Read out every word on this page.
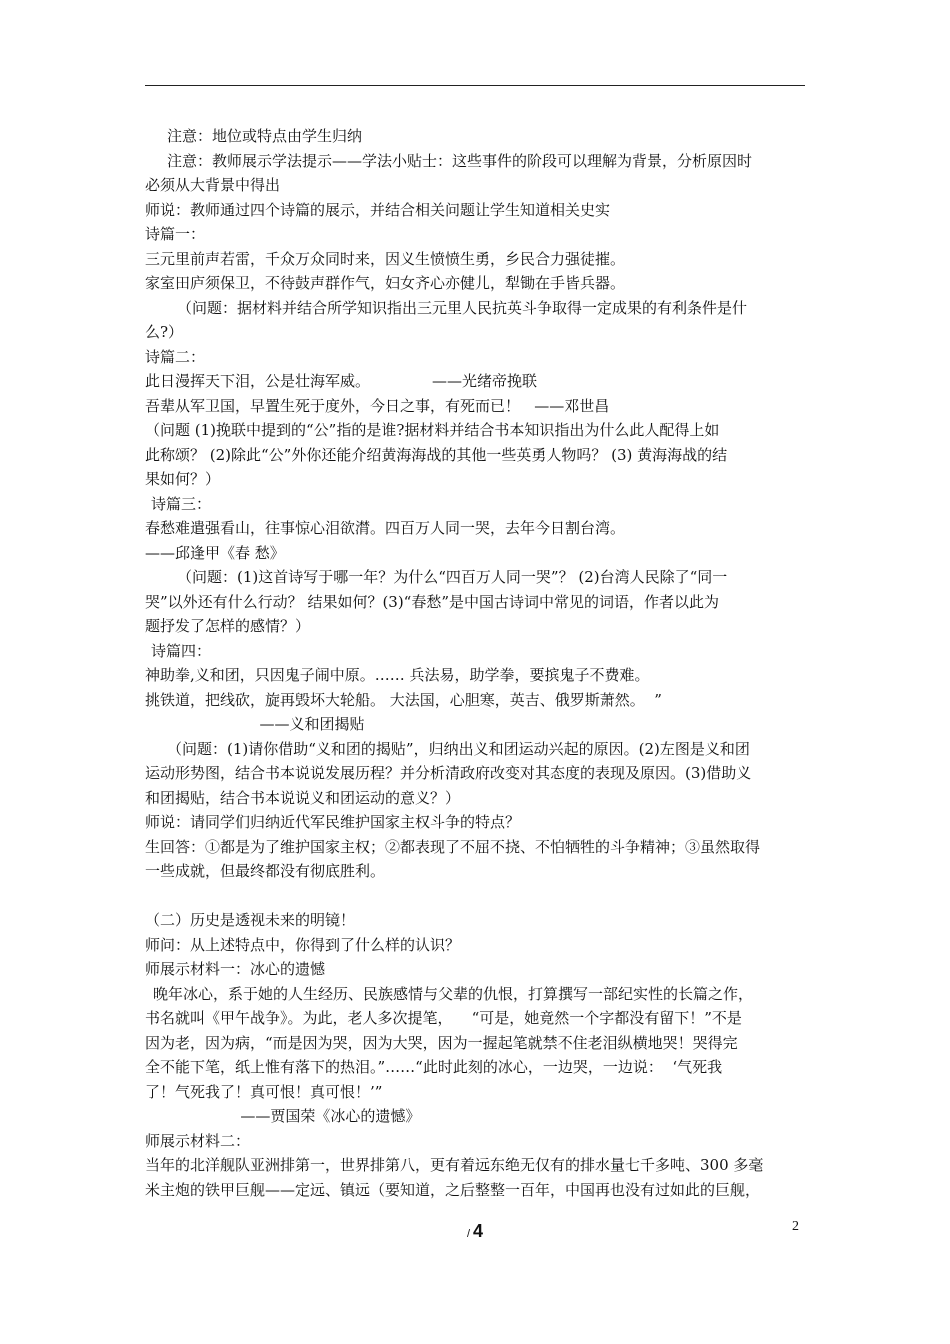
注意：地位或特点由学生归纳

注意：教师展示学法提示——学法小贴士：这些事件的阶段可以理解为背景，分析原因时

必须从大背景中得出

师说：教师通过四个诗篇的展示，并结合相关问题让学生知道相关史实

诗篇一：

三元里前声若雷，千众万众同时来，因义生愤愤生勇，乡民合力强徒摧。

家室田庐须保卫，不待鼓声群作气，妇女齐心亦健儿，犁锄在手皆兵器。

（问题：据材料并结合所学知识指出三元里人民抗英斗争取得一定成果的有利条件是什

么?）

诗篇二：

此日漫挥天下泪，公是壮海军威。             ——光绪帝挽联

吾辈从军卫国，早置生死于度外，今日之事，有死而已！   ——邓世昌

（问题 (1)挽联中提到的“公”指的是谁?据材料并结合书本知识指出为什么此人配得上如

此称颂？ (2)除此“公”外你还能介绍黄海海战的其他一些英勇人物吗？ (3) 黄海海战的结

果如何？）

诗篇三：

春愁难遣强看山，往事惊心泪欲潸。四百万人同一哭，去年今日割台湾。

——邱逢甲《春 愁》

（问题：(1)这首诗写于哪一年？为什么“四百万人同一哭”？ (2)台湾人民除了“同一

哭”以外还有什么行动？ 结果如何？(3)“春愁”是中国古诗词中常见的词语，作者以此为

题抒发了怎样的感情？）

诗篇四：

神助拳,义和团，只因鬼子闹中原。…… 兵法易，助学拳，要摈鬼子不费难。

挑铁道，把线砍，旋再毁坏大轮船。 大法国，心胆寒，英吉、俄罗斯萧然。  ”

——义和团揭贴

（问题：(1)请你借助“义和团的揭贴”，归纳出义和团运动兴起的原因。(2)左图是义和团

运动形势图，结合书本说说发展历程？并分析清政府改变对其态度的表现及原因。(3)借助义

和团揭贴，结合书本说说义和团运动的意义？）

师说：请同学们归纳近代军民维护国家主权斗争的特点？

生回答：①都是为了维护国家主权；②都表现了不屈不挠、不怕牺牲的斗争精神；③虽然取得

一些成就，但最终都没有彻底胜利。

（二）历史是透视未来的明镜！

师问：从上述特点中，你得到了什么样的认识？

师展示材料一：冰心的遗憾

晚年冰心，系于她的人生经历、民族感情与父辈的仇恨，打算撰写一部纪实性的长篇之作，

书名就叫《甲午战争》。为此，老人多次提笔，    “可是，她竟然一个字都没有留下！”不是

因为老，因为病，“而是因为哭，因为大哭，因为一握起笔就禁不住老泪纵横地哭！哭得完

全不能下笔，纸上惟有落下的热泪。”……“此时此刻的冰心，一边哭，一边说：  ‘气死我

了！气死我了！真可恨！真可恨！’”

——贾国荣《冰心的遗憾》

师展示材料二：

当年的北洋舰队亚洲排第一，世界排第八，更有着远东绝无仅有的排水量七千多吨、300 多毫

米主炮的铁甲巨舰——定远、镇远（要知道，之后整整一百年，中国再也没有过如此的巨舰，

/ 4	2
